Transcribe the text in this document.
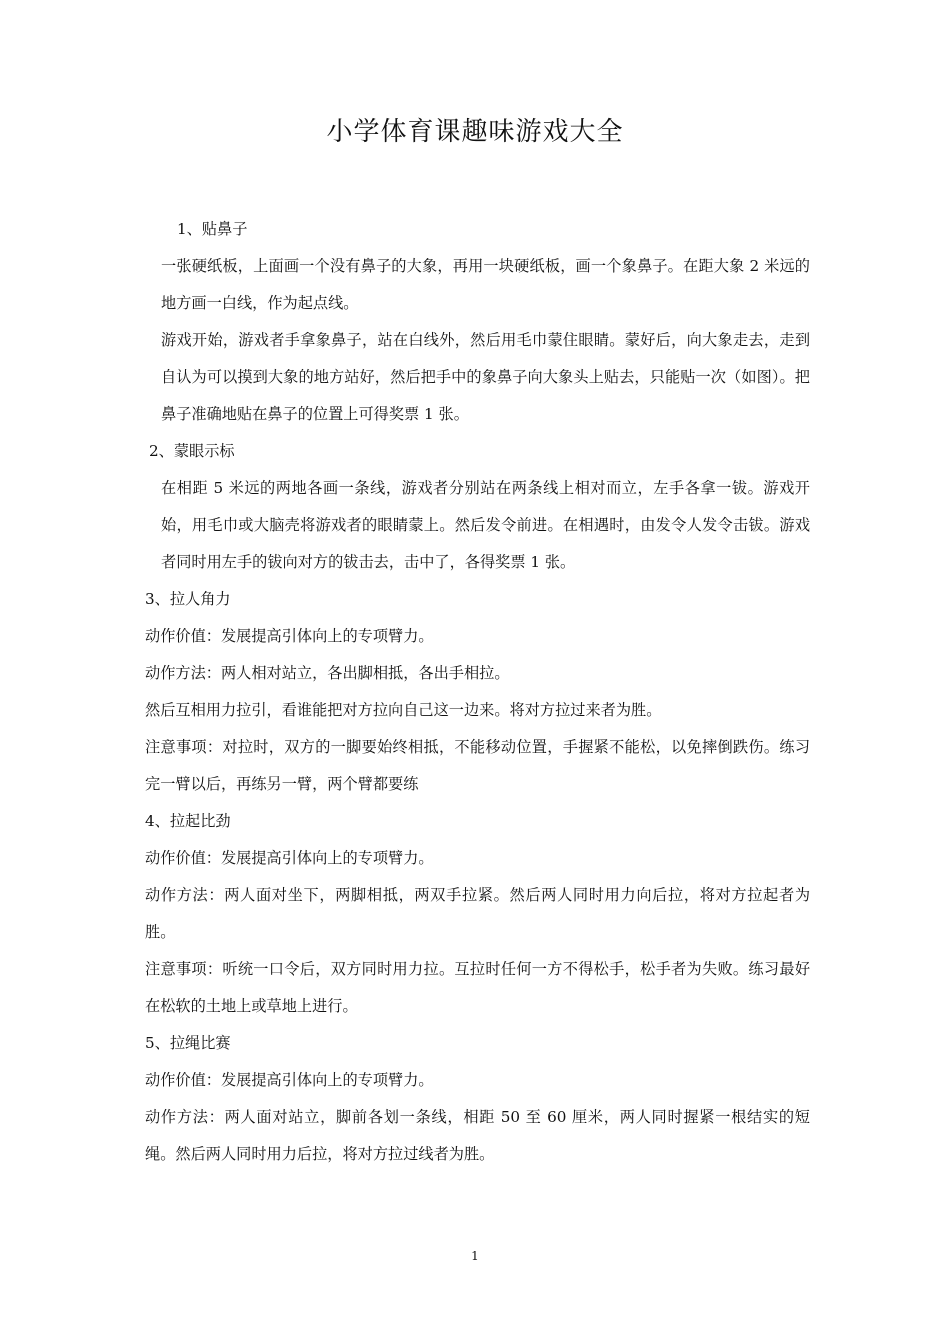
小学体育课趣味游戏大全

1、贴鼻子

一张硬纸板，上面画一个没有鼻子的大象，再用一块硬纸板，画一个象鼻子。在距大象 2 米远的地方画一白线，作为起点线。

游戏开始，游戏者手拿象鼻子，站在白线外，然后用毛巾蒙住眼睛。蒙好后，向大象走去，走到自认为可以摸到大象的地方站好，然后把手中的象鼻子向大象头上贴去，只能贴一次（如图）。把鼻子准确地贴在鼻子的位置上可得奖票 1 张。

2、蒙眼示标

在相距 5 米远的两地各画一条线，游戏者分别站在两条线上相对而立，左手各拿一钹。游戏开始，用毛巾或大脑壳将游戏者的眼睛蒙上。然后发令前进。在相遇时，由发令人发令击钹。游戏者同时用左手的钹向对方的钹击去，击中了，各得奖票 1 张。

3、拉人角力

动作价值：发展提高引体向上的专项臂力。

动作方法：两人相对站立，各出脚相抵，各出手相拉。

然后互相用力拉引，看谁能把对方拉向自己这一边来。将对方拉过来者为胜。

注意事项：对拉时，双方的一脚要始终相抵，不能移动位置，手握紧不能松，以免摔倒跌伤。练习完一臂以后，再练另一臂，两个臂都要练

4、拉起比劲

动作价值：发展提高引体向上的专项臂力。

动作方法：两人面对坐下，两脚相抵，两双手拉紧。然后两人同时用力向后拉，将对方拉起者为胜。

注意事项：听统一口令后，双方同时用力拉。互拉时任何一方不得松手，松手者为失败。练习最好在松软的土地上或草地上进行。

5、拉绳比赛

动作价值：发展提高引体向上的专项臂力。

动作方法：两人面对站立，脚前各划一条线，相距 50 至 60 厘米，两人同时握紧一根结实的短绳。然后两人同时用力后拉，将对方拉过线者为胜。

1
